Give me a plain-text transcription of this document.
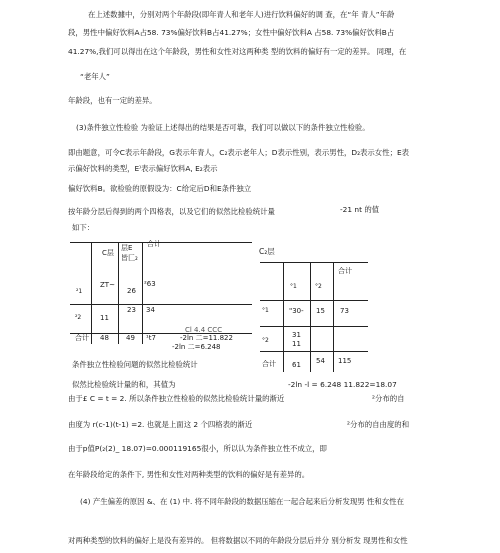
在上述数據中，分别对两个年龄段(即年青人和老年人)进行饮料偏好的调 查，在“年 青人”年龄
段，男性中偏好饮料A占58. 73%偏好饮料B占41.27%；女性中偏好饮料A 占58. 73%偏好饮料B占
41.27%,我们可以得出在这个年龄段，男性和女性对这两种类 型的饮料的偏好有一定的差异。 同理，在
“老年人”
年龄段，也有一定的差异。
(3)条件独立性检验 为验证上述得出的结果是否可靠，我们可以做以下的条件独立性检验。
即由题意，可令C表示年龄段，G表示年青人，C₂表示老年人；D表示性别，表示男性，D₂表示女性；E表
示偏好饮料的类型，E⁾表示偏好饮料A, E₂表示
偏好饮料B。欲检验的原假设为：C给定后D和E条件独立
按年龄分层后得到的两个四格表，以及它们的似然比检验统计量	-21 nt 的值
如下：
C层
层E
皆匚₂
合计
²1
ZT~
26
²63
²2	11
23 34
合计 48 49 ¹t7
Cl 4.4 CCC
-2ln 二=11.822
-2ln 二=6.248
C₂层
合计
°1	°2
°1	"30- 15 73
°2
31
11
合计 61 54 115
条件独立性检验问题的似然比检验统计
似然比检验统计量的和，其值为	-2ln -l = 6.248 11.822=18.07
由于£ C = t = 2. 所以条件独立性检验的似然比检验统计量的渐近	²分布的自
由度为 r(c-1)(t-1) =2. 也就是上面这 2 个四格表的渐近	²分布的自由度的和
由于p值P(₂(2)_ 18.07)=0.000119165很小，所以认为条件独立性不成立，即
在年龄段给定的条件下, 男性和女性对两种类型的饮料的偏好是有差异的。
(4) 产生偏差的原因 &、在 (1) 中. 将不同年龄段的数据压缩在一起合起来后分析发现男 性和女性在
对两种类型的饮料的偏好上是没有差异的。 但将数据以不同的年龄段分层后并分 别分析发 现男性和女性
